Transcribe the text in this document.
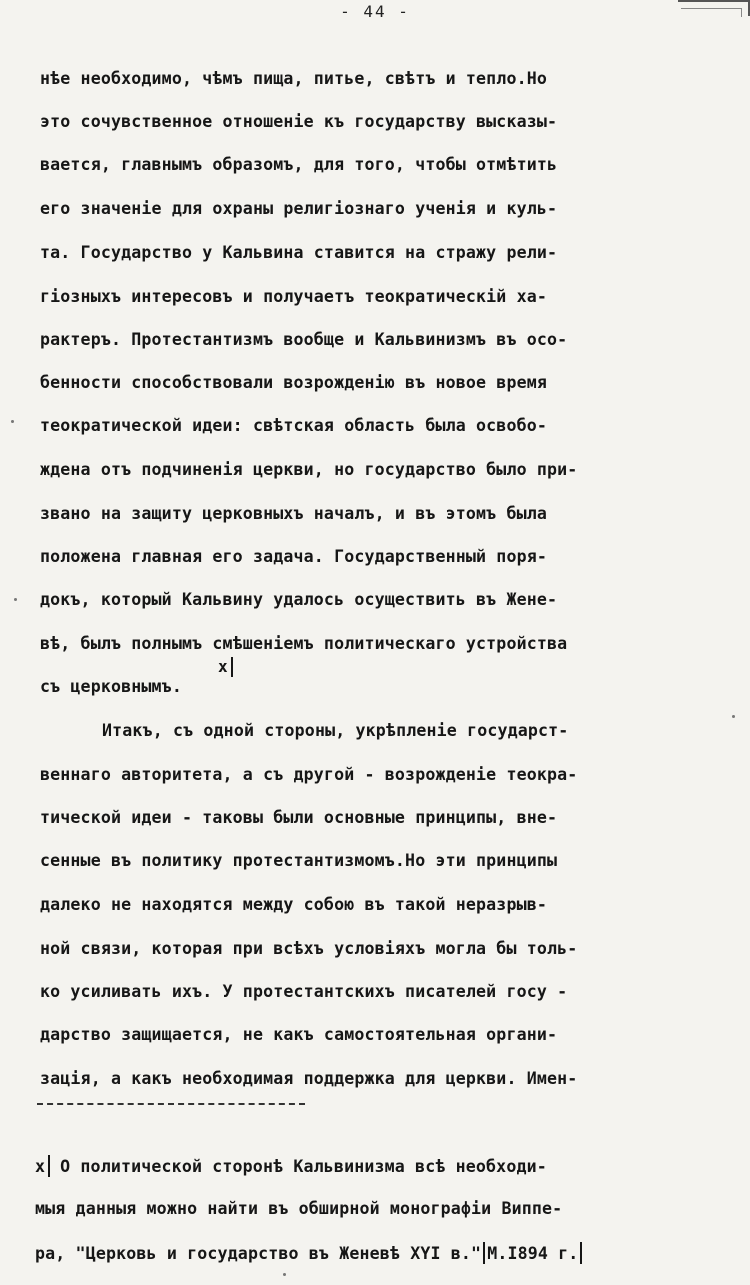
- 44 -
нѣе необходимо, чѣмъ пища, питье, свѣтъ и тепло.Но
это сочувственное отношеніе къ государству высказы-
вается, главнымъ образомъ, для того, чтобы отмѣтить
его значеніе для охраны религіознаго ученія и куль-
та. Государство у Кальвина ставится на стражу рели-
гіозныхъ интересовъ и получаетъ теократическій ха-
рактеръ. Протестантизмъ вообще и Кальвинизмъ въ осо-
бенности способствовали возрожденію въ новое время
теократической идеи: свѣтская область была освобо-
ждена отъ подчиненія церкви, но государство было при-
звано на защиту церковныхъ началъ, и въ этомъ была
положена главная его задача. Государственный поря-
докъ, который Кальвину удалось осуществить въ Жене-
вѣ, былъ полнымъ смѣшеніемъ политическаго устройства
съ церковнымъ.
x
Итакъ, съ одной стороны, укрѣпленіе государст-
веннаго авторитета, а съ другой - возрожденіе теокра-
тической идеи - таковы были основные принципы, вне-
сенные въ политику протестантизмомъ.Но эти принципы
далеко не находятся между собою въ такой неразрыв-
ной связи, которая при всѣхъ условіяхъ могла бы толь-
ко усиливать ихъ. У протестантскихъ писателей госу -
дарство защищается, не какъ самостоятельная органи-
зація, а какъ необходимая поддержка для церкви. Имен-
x О политической сторонѣ Кальвинизма всѣ необходи-
мыя данныя можно найти въ обширной монографіи Виппе-
ра, "Церковь и государство въ Женевѣ XYI в." М.I894 г.
